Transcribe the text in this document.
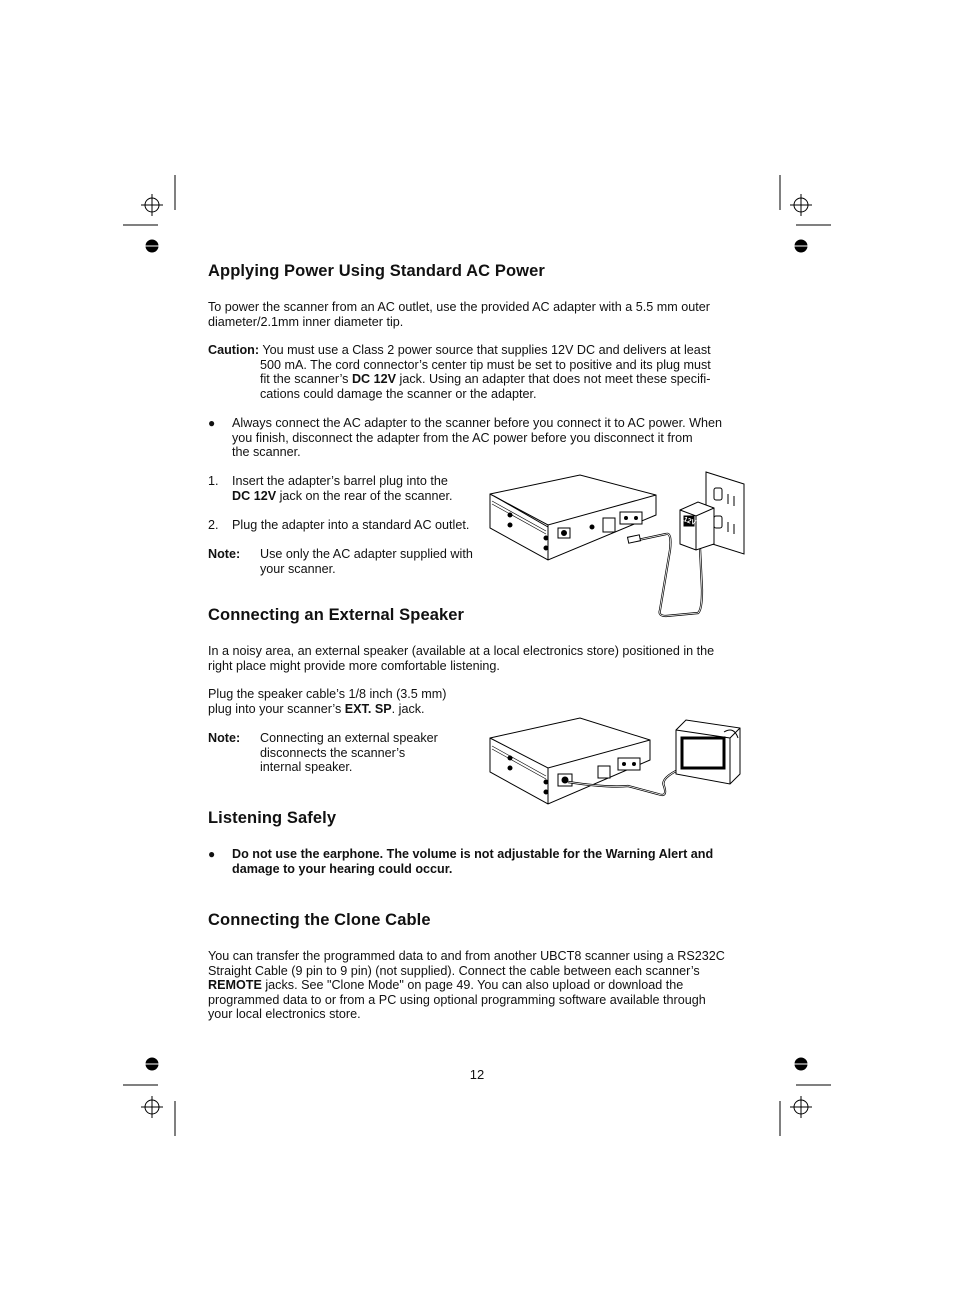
Applying Power Using Standard AC Power
To power the scanner from an AC outlet, use the provided AC adapter with a 5.5 mm outer
diameter/2.1mm inner diameter tip.
Caution: You must use a Class 2 power source that supplies 12V DC and delivers at least
500 mA. The cord connector’s center tip must be set to positive and its plug must
fit the scanner’s DC 12V jack. Using an adapter that does not meet these specifi-
cations could damage the scanner or the adapter.
● Always connect the AC adapter to the scanner before you connect it to AC power. When
you finish, disconnect the adapter from the AC power before you disconnect it from
the scanner.
1. Insert the adapter’s barrel plug into the
DC 12V jack on the rear of the scanner.
2. Plug the adapter into a standard AC outlet.
Note: Use only the AC adapter supplied with
your scanner.
12V
Connecting an External Speaker
In a noisy area, an external speaker (available at a local electronics store) positioned in the
right place might provide more comfortable listening.
Plug the speaker cable’s 1/8 inch (3.5 mm)
plug into your scanner’s EXT. SP. jack.
Note: Connecting an external speaker
disconnects the scanner’s
internal speaker.
Listening Safely
● Do not use the earphone. The volume is not adjustable for the Warning Alert and
damage to your hearing could occur.
Connecting the Clone Cable
You can transfer the programmed data to and from another UBCT8 scanner using a RS232C
Straight Cable (9 pin to 9 pin) (not supplied). Connect the cable between each scanner’s
REMOTE jacks. See "Clone Mode" on page 49. You can also upload or download the
programmed data to or from a PC using optional programming software available through
your local electronics store.
12
